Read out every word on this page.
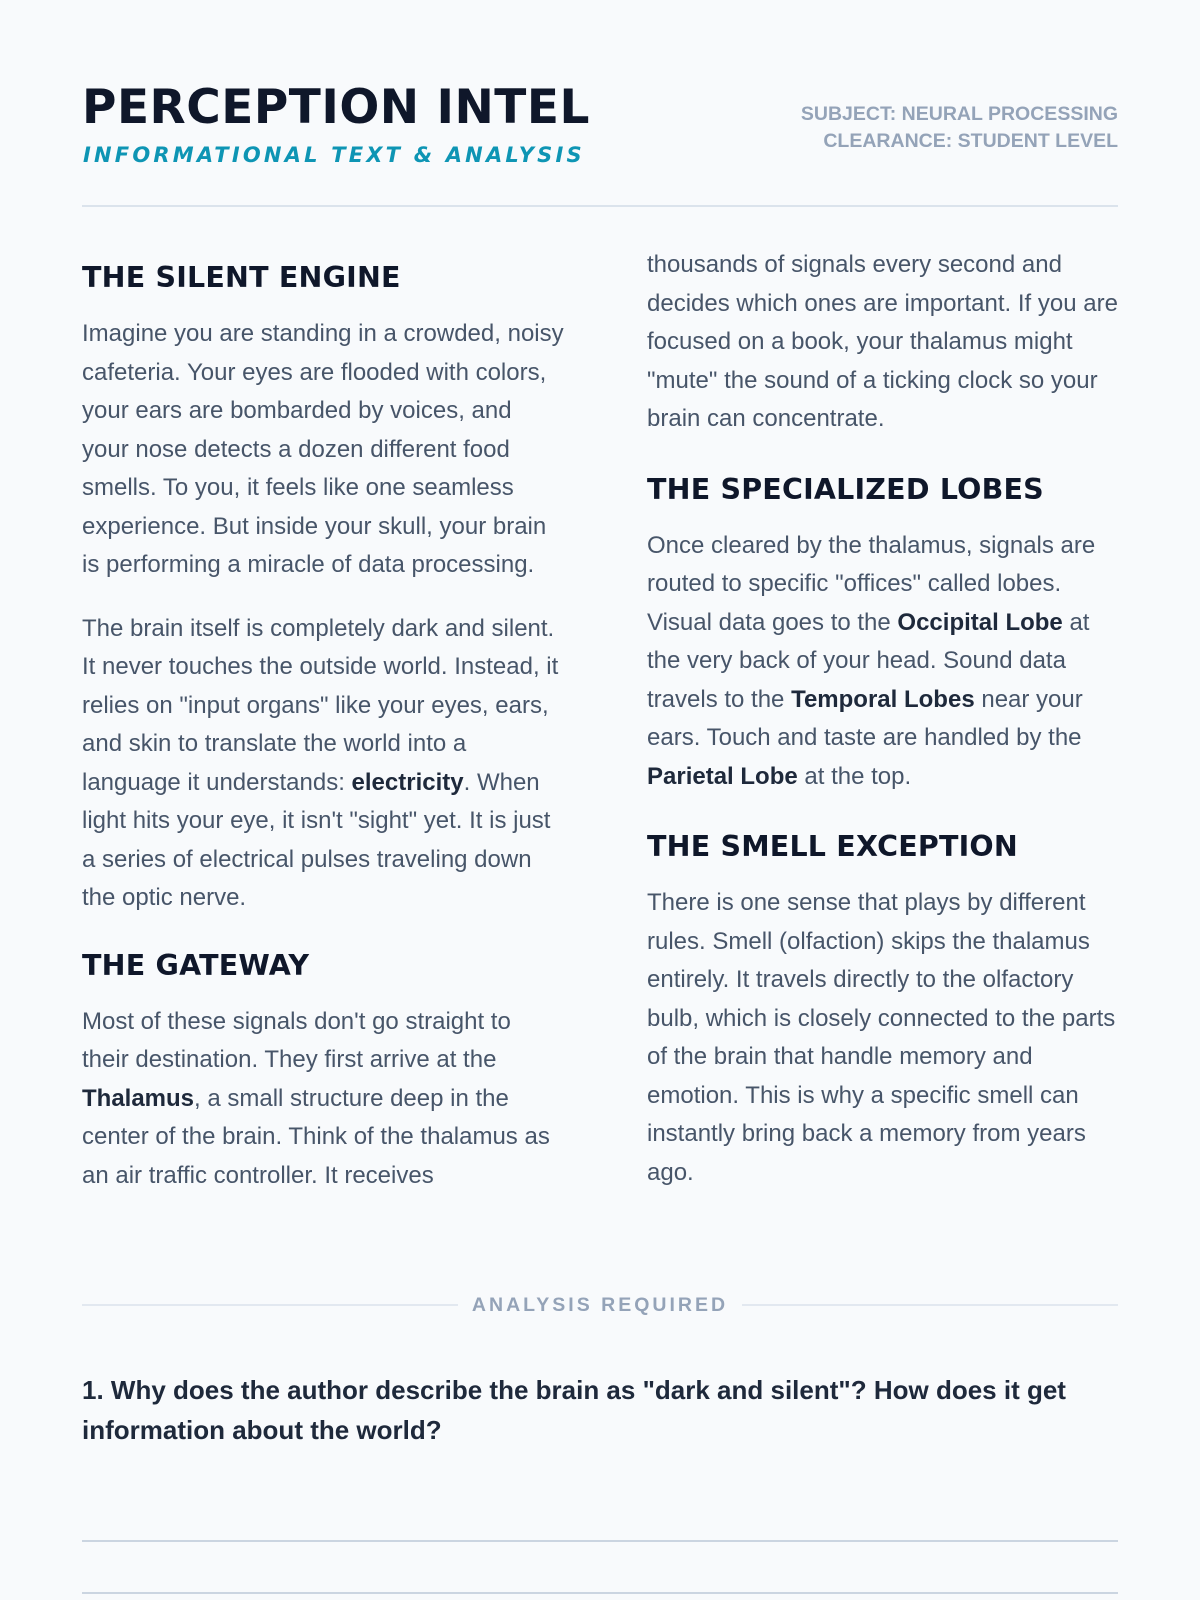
PERCEPTION INTEL
INFORMATIONAL TEXT & ANALYSIS
SUBJECT: NEURAL PROCESSING
CLEARANCE: STUDENT LEVEL
THE SILENT ENGINE

Imagine you are standing in a crowded, noisy cafeteria. Your eyes are flooded with colors, your ears are bombarded by voices, and your nose detects a dozen different food smells. To you, it feels like one seamless experience. But inside your skull, your brain is performing a miracle of data processing.

The brain itself is completely dark and silent. It never touches the outside world. Instead, it relies on "input organs" like your eyes, ears, and skin to translate the world into a language it understands: electricity. When light hits your eye, it isn't "sight" yet. It is just a series of electrical pulses traveling down the optic nerve.

THE GATEWAY

Most of these signals don't go straight to their destination. They first arrive at the Thalamus, a small structure deep in the center of the brain. Think of the thalamus as an air traffic controller. It receives

thousands of signals every second and decides which ones are important. If you are focused on a book, your thalamus might "mute" the sound of a ticking clock so your brain can concentrate.

THE SPECIALIZED LOBES

Once cleared by the thalamus, signals are routed to specific "offices" called lobes. Visual data goes to the Occipital Lobe at the very back of your head. Sound data travels to the Temporal Lobes near your ears. Touch and taste are handled by the Parietal Lobe at the top.

THE SMELL EXCEPTION

There is one sense that plays by different rules. Smell (olfaction) skips the thalamus entirely. It travels directly to the olfactory bulb, which is closely connected to the parts of the brain that handle memory and emotion. This is why a specific smell can instantly bring back a memory from years ago.

ANALYSIS REQUIRED

1. Why does the author describe the brain as "dark and silent"? How does it get information about the world?
